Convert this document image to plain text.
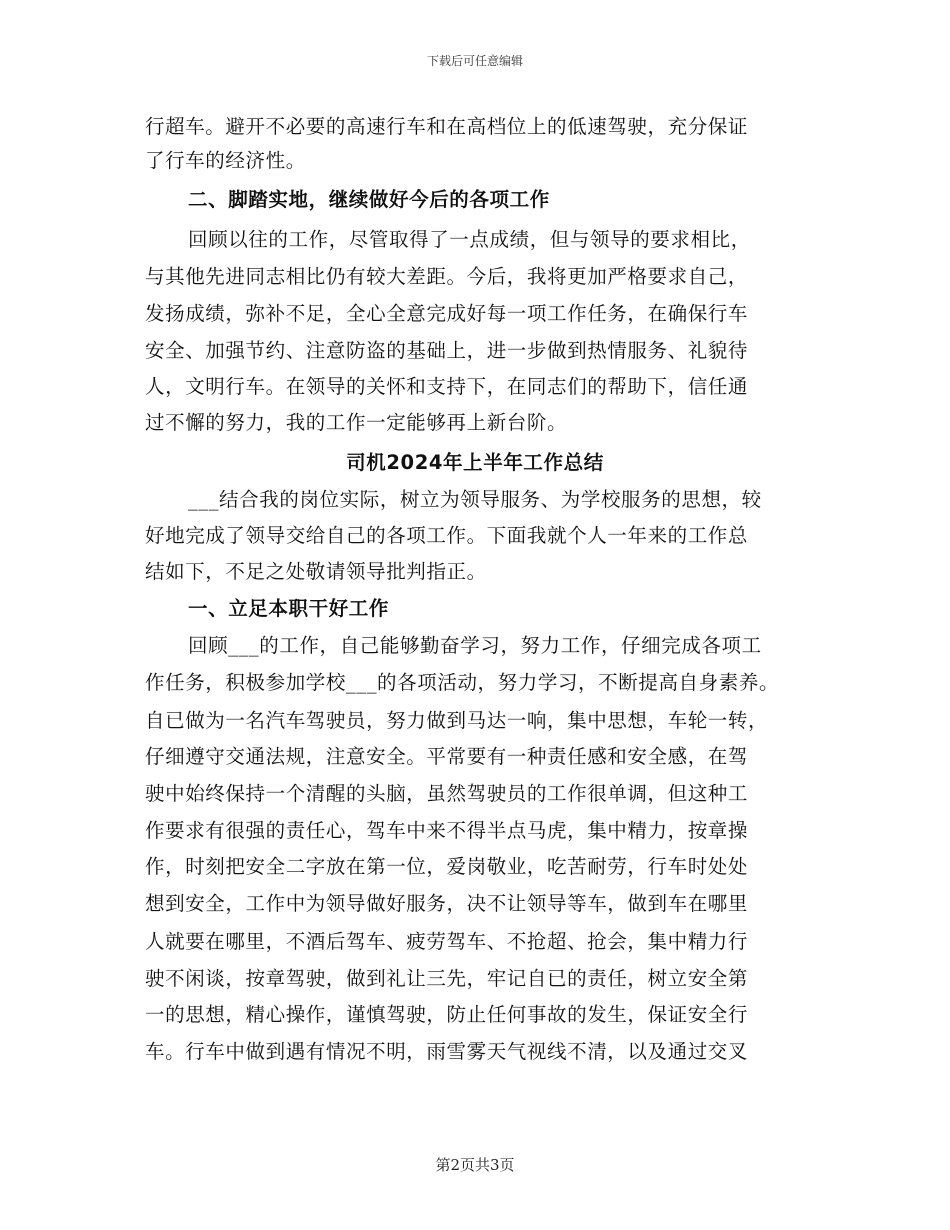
下载后可任意编辑
行超车。避开不必要的高速行车和在高档位上的低速驾驶，充分保证
了行车的经济性。
二、脚踏实地，继续做好今后的各项工作
回顾以往的工作，尽管取得了一点成绩，但与领导的要求相比，
与其他先进同志相比仍有较大差距。今后，我将更加严格要求自己，
发扬成绩，弥补不足，全心全意完成好每一项工作任务，在确保行车
安全、加强节约、注意防盗的基础上，进一步做到热情服务、礼貌待
人，文明行车。在领导的关怀和支持下，在同志们的帮助下，信任通
过不懈的努力，我的工作一定能够再上新台阶。
司机2024年上半年工作总结
___结合我的岗位实际，树立为领导服务、为学校服务的思想，较
好地完成了领导交给自己的各项工作。下面我就个人一年来的工作总
结如下，不足之处敬请领导批判指正。
一、立足本职干好工作
回顾___的工作，自己能够勤奋学习，努力工作，仔细完成各项工
作任务，积极参加学校___的各项活动，努力学习，不断提高自身素养。
自已做为一名汽车驾驶员，努力做到马达一响，集中思想，车轮一转，
仔细遵守交通法规，注意安全。平常要有一种责任感和安全感，在驾
驶中始终保持一个清醒的头脑，虽然驾驶员的工作很单调，但这种工
作要求有很强的责任心，驾车中来不得半点马虎，集中精力，按章操
作，时刻把安全二字放在第一位，爱岗敬业，吃苦耐劳，行车时处处
想到安全，工作中为领导做好服务，决不让领导等车，做到车在哪里
人就要在哪里，不酒后驾车、疲劳驾车、不抢超、抢会，集中精力行
驶不闲谈，按章驾驶，做到礼让三先，牢记自已的责任，树立安全第
一的思想，精心操作，谨慎驾驶，防止任何事故的发生，保证安全行
车。行车中做到遇有情况不明，雨雪雾天气视线不清，以及通过交叉
第2页共3页
